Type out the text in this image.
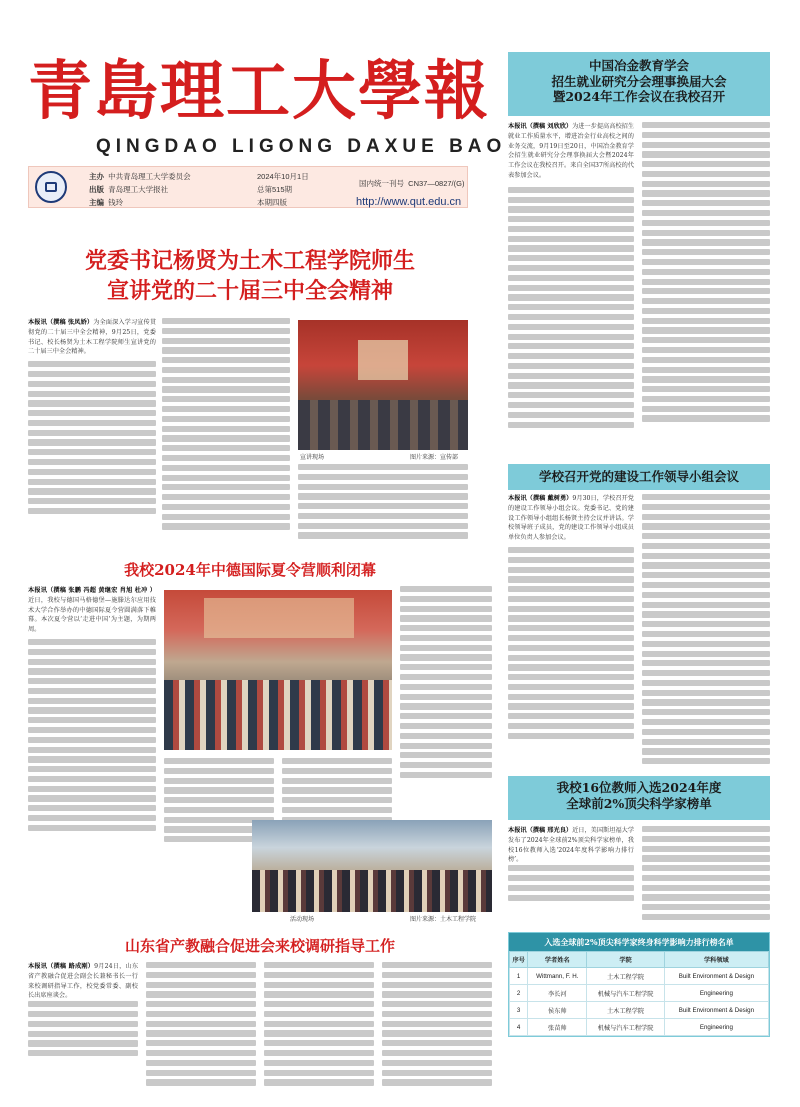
青島理工大學報
QINGDAO LIGONG DAXUE BAO
主办 中共青岛理工大学委员会
出版 青岛理工大学报社
主编 钱玲
2024年10月1日
总第515期
本期四版
国内统一刊号 CN37—0827/(G)
http://www.qut.edu.cn
中国冶金教育学会
招生就业研究分会理事换届大会
暨2024年工作会议在我校召开
本报讯（撰稿 刘欣欣）为进一步提高高校招生就业工作质量水平，增进冶金行业高校之间的业务交流，9月19日至20日，中国冶金教育学会招生就业研究分会理事换届大会暨2024年工作会议在我校召开。来自全国37所高校的代表参加会议。
党委书记杨贤为土木工程学院师生
宣讲党的二十届三中全会精神
本报讯（撰稿 张凤娇）为全面深入学习宣传贯彻党的二十届三中全会精神，9月25日，党委书记、校长杨贤为土木工程学院师生宣讲党的二十届三中全会精神。
宣讲现场	图片来源：宣传部
学校召开党的建设工作领导小组会议
本报讯（撰稿 戴树勇）9月30日，学校召开党的建设工作领导小组会议。党委书记、党的建设工作领导小组组长杨贤主持会议并讲话。学校领导班子成员，党的建设工作领导小组成员单位负责人参加会议。
我校2024年中德国际夏令营顺利闭幕
本报讯（撰稿 张鹏 冯超 黄继宏 肖旭 杜冲 ）近日，我校与德国马格德堡—施滕达尔应用技术大学合作举办的中德国际夏令营圆满落下帷幕。本次夏令营以‘走进中国’为主题，为期两周。
活动现场	图片来源：土木工程学院
我校16位教师入选2024年度
全球前2%顶尖科学家榜单
本报讯（撰稿 邢光良）近日，美国斯坦福大学发布了2024年全球前2%顶尖科学家榜单，我校16位教师入选‘2024年度科学影响力排行榜’。
入选全球前2%顶尖科学家终身科学影响力排行榜名单
序号	学者姓名	学院	学科领域
1	Wittmann, F. H.	土木工程学院	Built Environment & Design
2	李长河	机械与汽车工程学院	Engineering
3	侯东帅	土木工程学院	Built Environment & Design
4	张苗帅	机械与汽车工程学院	Engineering
山东省产教融合促进会来校调研指导工作
本报讯（撰稿 路成刚）9月24日，山东省产教融合促进会副会长兼秘书长一行来校调研指导工作，校党委常委、副校长出席座谈会。
